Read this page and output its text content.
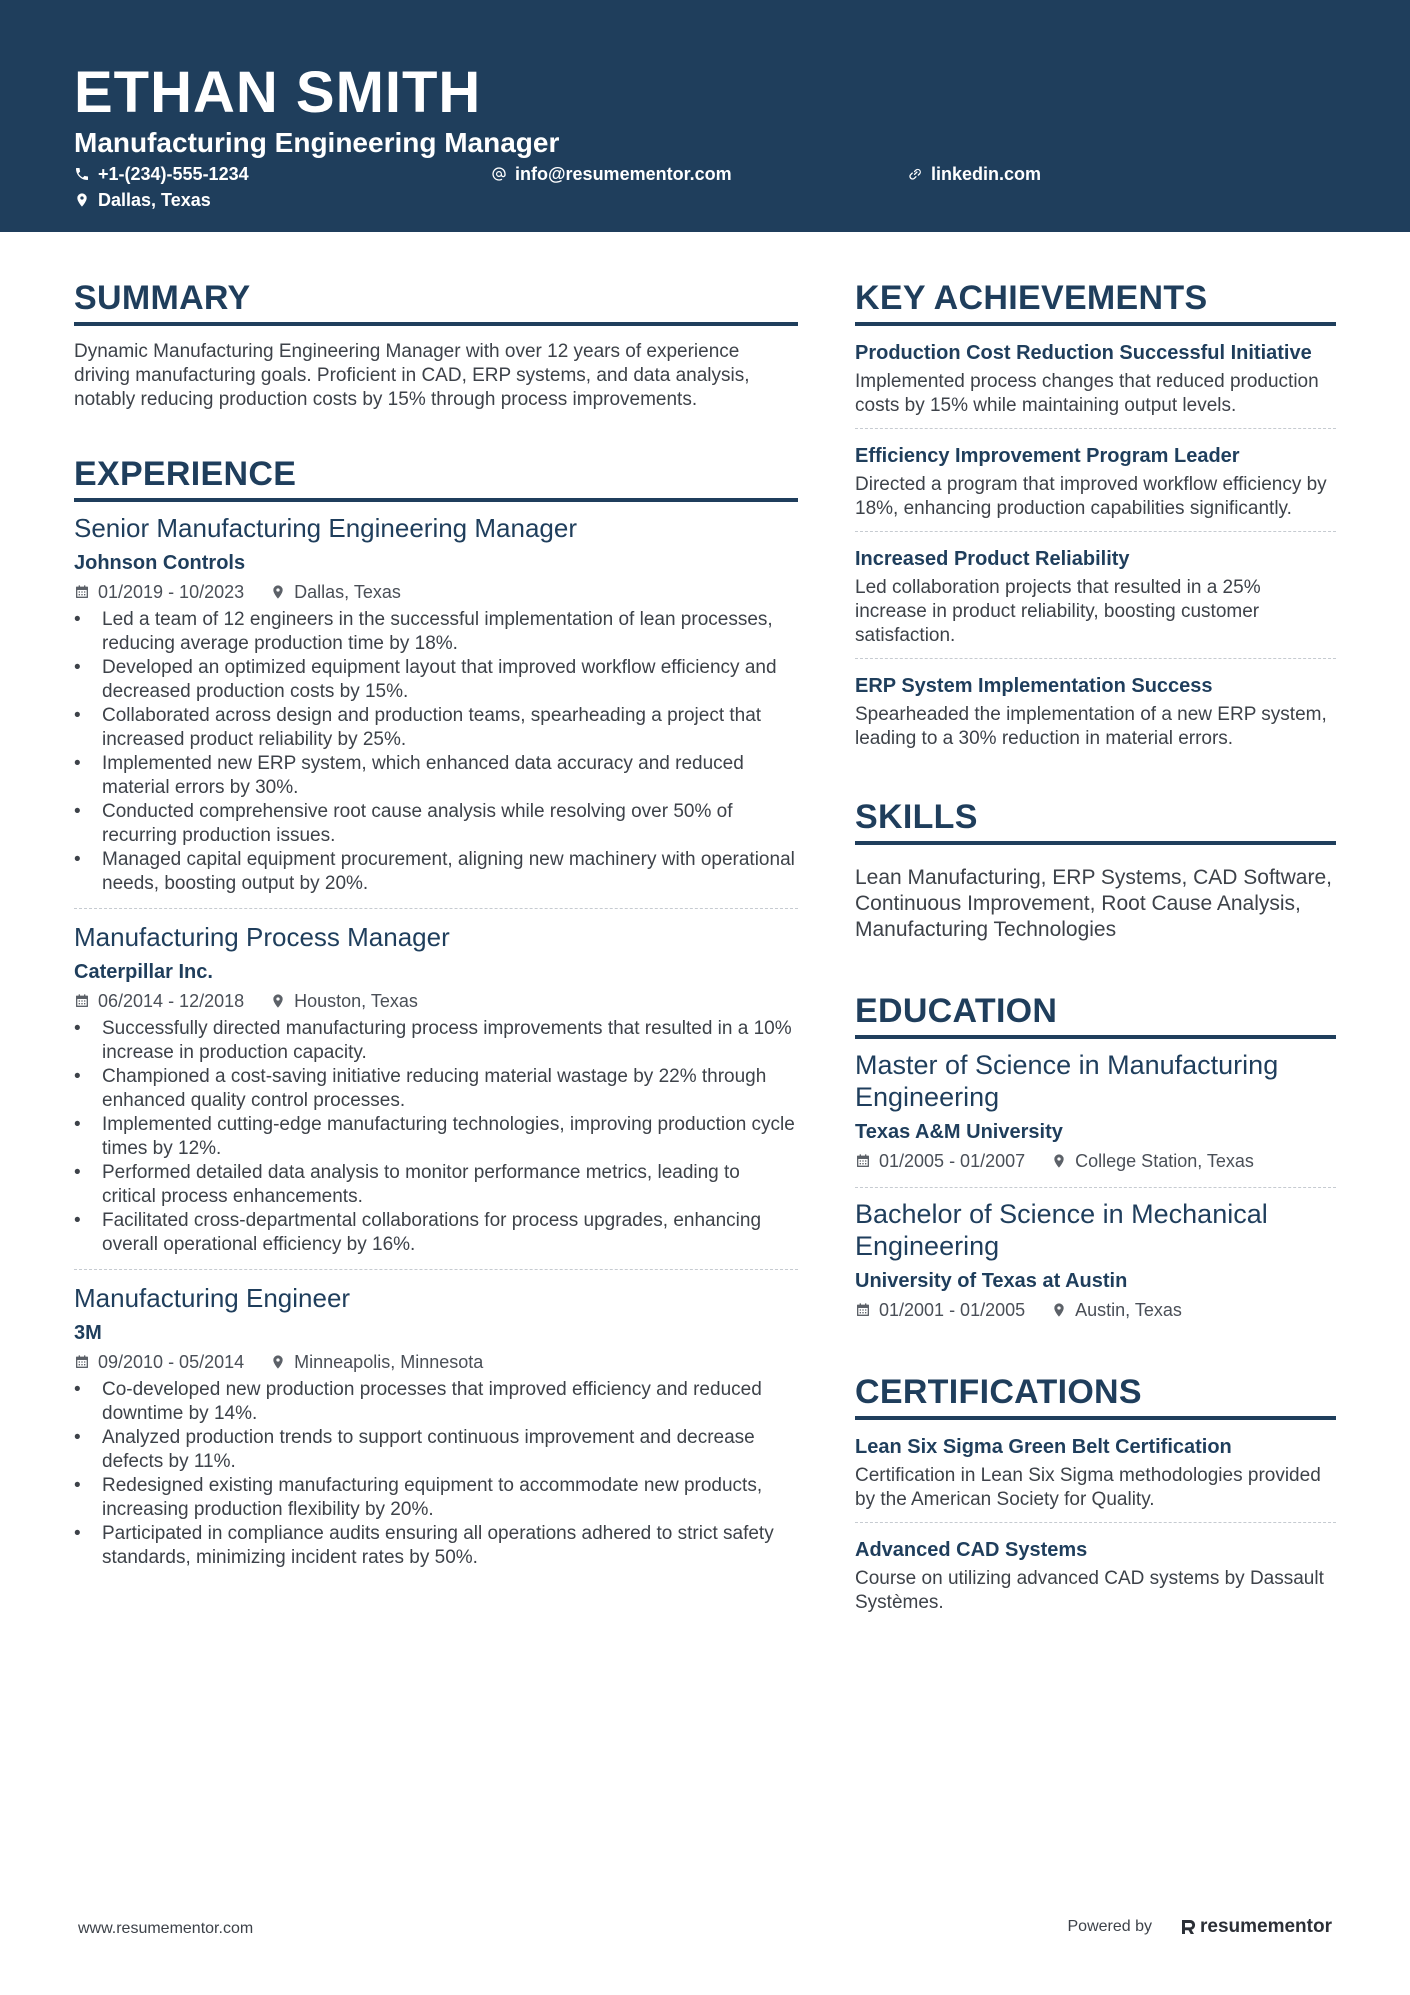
ETHAN SMITH
Manufacturing Engineering Manager
+1-(234)-555-1234	info@resumementor.com	linkedin.com
Dallas, Texas
SUMMARY
Dynamic Manufacturing Engineering Manager with over 12 years of experience driving manufacturing goals. Proficient in CAD, ERP systems, and data analysis, notably reducing production costs by 15% through process improvements.
EXPERIENCE
Senior Manufacturing Engineering Manager
Johnson Controls
01/2019 - 10/2023	Dallas, Texas
• Led a team of 12 engineers in the successful implementation of lean processes, reducing average production time by 18%.
• Developed an optimized equipment layout that improved workflow efficiency and decreased production costs by 15%.
• Collaborated across design and production teams, spearheading a project that increased product reliability by 25%.
• Implemented new ERP system, which enhanced data accuracy and reduced material errors by 30%.
• Conducted comprehensive root cause analysis while resolving over 50% of recurring production issues.
• Managed capital equipment procurement, aligning new machinery with operational needs, boosting output by 20%.
Manufacturing Process Manager
Caterpillar Inc.
06/2014 - 12/2018	Houston, Texas
• Successfully directed manufacturing process improvements that resulted in a 10% increase in production capacity.
• Championed a cost-saving initiative reducing material wastage by 22% through enhanced quality control processes.
• Implemented cutting-edge manufacturing technologies, improving production cycle times by 12%.
• Performed detailed data analysis to monitor performance metrics, leading to critical process enhancements.
• Facilitated cross-departmental collaborations for process upgrades, enhancing overall operational efficiency by 16%.
Manufacturing Engineer
3M
09/2010 - 05/2014	Minneapolis, Minnesota
• Co-developed new production processes that improved efficiency and reduced downtime by 14%.
• Analyzed production trends to support continuous improvement and decrease defects by 11%.
• Redesigned existing manufacturing equipment to accommodate new products, increasing production flexibility by 20%.
• Participated in compliance audits ensuring all operations adhered to strict safety standards, minimizing incident rates by 50%.
KEY ACHIEVEMENTS
Production Cost Reduction Successful Initiative
Implemented process changes that reduced production costs by 15% while maintaining output levels.
Efficiency Improvement Program Leader
Directed a program that improved workflow efficiency by 18%, enhancing production capabilities significantly.
Increased Product Reliability
Led collaboration projects that resulted in a 25% increase in product reliability, boosting customer satisfaction.
ERP System Implementation Success
Spearheaded the implementation of a new ERP system, leading to a 30% reduction in material errors.
SKILLS
Lean Manufacturing, ERP Systems, CAD Software, Continuous Improvement, Root Cause Analysis, Manufacturing Technologies
EDUCATION
Master of Science in Manufacturing Engineering
Texas A&M University
01/2005 - 01/2007	College Station, Texas
Bachelor of Science in Mechanical Engineering
University of Texas at Austin
01/2001 - 01/2005	Austin, Texas
CERTIFICATIONS
Lean Six Sigma Green Belt Certification
Certification in Lean Six Sigma methodologies provided by the American Society for Quality.
Advanced CAD Systems
Course on utilizing advanced CAD systems by Dassault Systèmes.
www.resumementor.com	Powered by	resumementor
